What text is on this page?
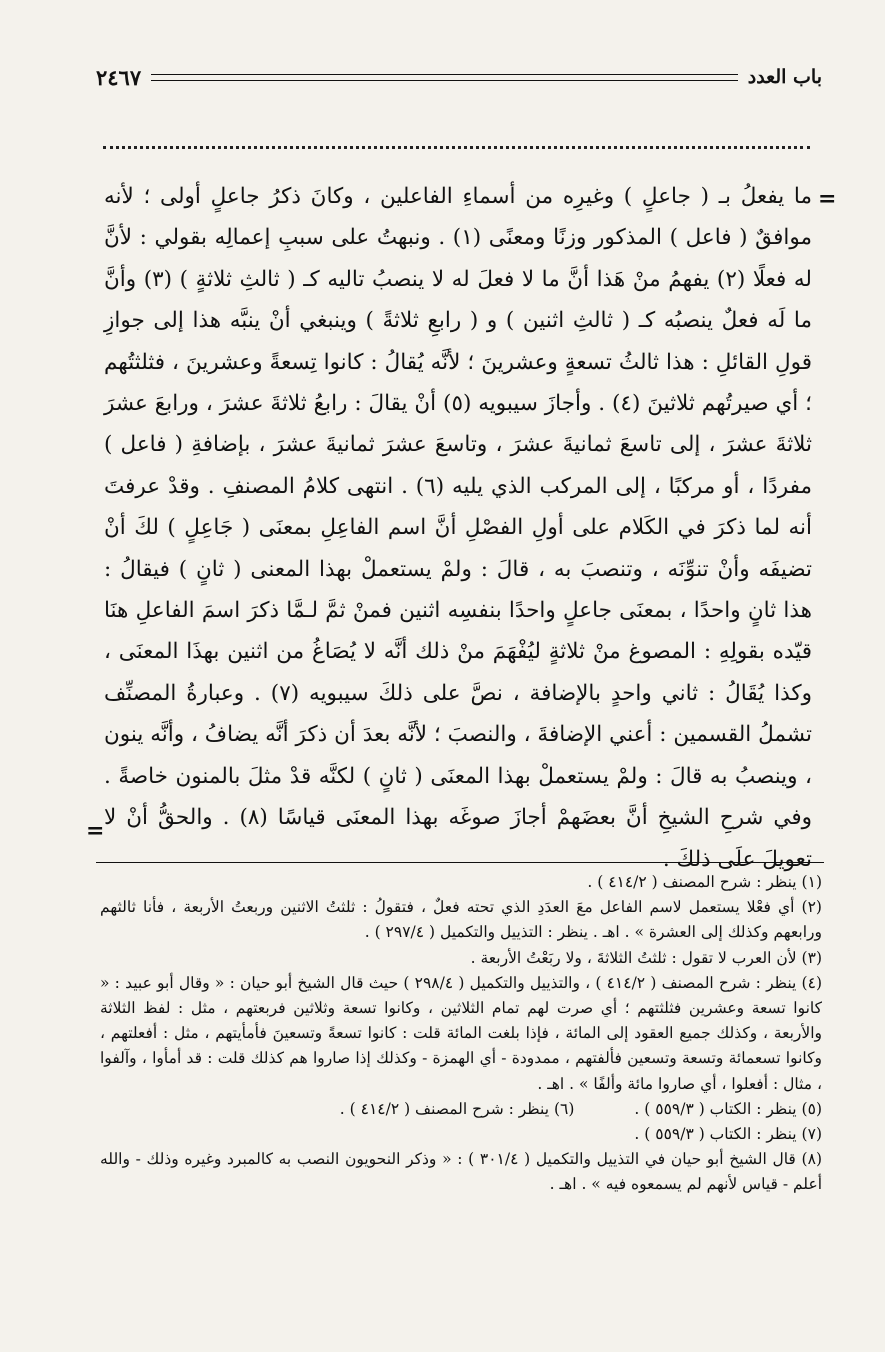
باب العدد
٢٤٦٧
=

ما يفعلُ بـ ( جاعلٍ ) وغيرِه من أسماءِ الفاعلين ، وكانَ ذكرُ جاعلٍ أولى ؛ لأنه موافقٌ ( فاعل ) المذكور وزنًا ومعنًى (١) . ونبهتُ على سببِ إعمالِه بقولي : لأنَّ له فعلًا (٢) يفهمُ منْ هَذا أنَّ ما لا فعلَ له لا ينصبُ تاليه كـ ( ثالثِ ثلاثةٍ ) (٣) وأنَّ ما لَه فعلٌ ينصبُه كـ ( ثالثِ اثنين ) و ( رابعِ ثلاثةً ) وينبغي أنْ ينبَّه هذا إلى جوازِ قولِ القائلِ : هذا ثالثُ تسعةٍ وعشرينَ ؛ لأنَّه يُقالُ : كانوا تِسعةً وعشرينَ ، فثلثتُهم ؛ أي صيرتُهم ثلاثينَ (٤) . وأجازَ سيبويه (٥) أنْ يقالَ : رابعُ ثلاثةَ عشرَ ، ورابعَ عشرَ ثلاثةَ عشرَ ، إلى تاسعَ ثمانيةَ عشرَ ، وتاسعَ عشرَ ثمانيةَ عشرَ ، بإضافةِ ( فاعل ) مفردًا ، أو مركبًا ، إلى المركب الذي يليه (٦) . انتهى كلامُ المصنفِ . وقدْ عرفتَ أنه لما ذكرَ في الكَلام على أولِ الفصْلِ أنَّ اسم الفاعِلِ بمعنَى ( جَاعِلٍ ) لكَ أنْ تضيفَه وأنْ تنوِّنَه ، وتنصبَ به ، قالَ : ولمْ يستعملْ بهذا المعنى ( ثانٍ ) فيقالُ : هذا ثانٍ واحدًا ، بمعنَى جاعلٍ واحدًا بنفسِه اثنين فمنْ ثمَّ لـمَّا ذكرَ اسمَ الفاعلِ هنَا قيّده بقولِهِ : المصوغ منْ ثلاثةٍ ليُفْهَمَ منْ ذلك أنَّه لا يُصَاغُ من اثنين بهذَا المعنَى ، وكذا يُقَالُ : ثاني واحدٍ بالإضافة ، نصَّ على ذلكَ سيبويه (٧) . وعبارةُ المصنِّف تشملُ القسمين : أعني الإضافةَ ، والنصبَ ؛ لأنَّه بعدَ أن ذكرَ أنَّه يضافُ ، وأنَّه ينون ، وينصبُ به قالَ : ولمْ يستعملْ بهذا المعنَى ( ثانٍ ) لكنَّه قدْ مثلَ بالمنون خاصةً . وفي شرحِ الشيخِ أنَّ بعضَهمْ أجازَ صوغَه بهذا المعنَى قياسًا (٨) . والحقُّ أنْ لا تعويلَ علَى ذلكَ .

=

(١) ينظر : شرح المصنف ( ٤١٤/٢ ) .

(٢) أي فعْلا يستعمل لاسم الفاعل معَ العدَدِ الذي تحته فعلٌ ، فتقولُ : ثلثتُ الاثنين وربعتُ الأربعة ، فأنا ثالثهم ورابعهم وكذلك إلى العشرة » . اهـ . ينظر : التذييل والتكميل ( ٢٩٧/٤ ) .

(٣) لأن العرب لا تقول : ثلثتُ الثلاثةَ ، ولا ربَعْتُ الأربعة .

(٤) ينظر : شرح المصنف ( ٤١٤/٢ ) ، والتذييل والتكميل ( ٢٩٨/٤ ) حيث قال الشيخ أبو حيان : « وقال أبو عبيد : « كانوا تسعة وعشرين فثلثتهم ؛ أي صرت لهم تمام الثلاثين ، وكانوا تسعة وثلاثين فربعتهم ، مثل : لفظ الثلاثة والأربعة ، وكذلك جميع العقود إلى المائة ، فإذا بلغت المائة قلت : كانوا تسعةً وتسعينَ فأمأيتهم ، مثل : أفعلتهم ، وكانوا تسعمائة وتسعة وتسعين فألفتهم ، ممدودة - أي الهمزة - وكذلك إذا صاروا هم كذلك قلت : قد أمأوا ، وآلفوا ، مثال : أفعلوا ، أي صاروا مائة وألفًا » . اهـ .

(٥) ينظر : الكتاب ( ٥٥٩/٣ ) .
(٦) ينظر : شرح المصنف ( ٤١٤/٢ ) .

(٧) ينظر : الكتاب ( ٥٥٩/٣ ) .

(٨) قال الشيخ أبو حيان في التذييل والتكميل ( ٣٠١/٤ ) : « وذكر النحويون النصب به كالمبرد وغيره وذلك - والله أعلم - قياس لأنهم لم يسمعوه فيه » . اهـ .
